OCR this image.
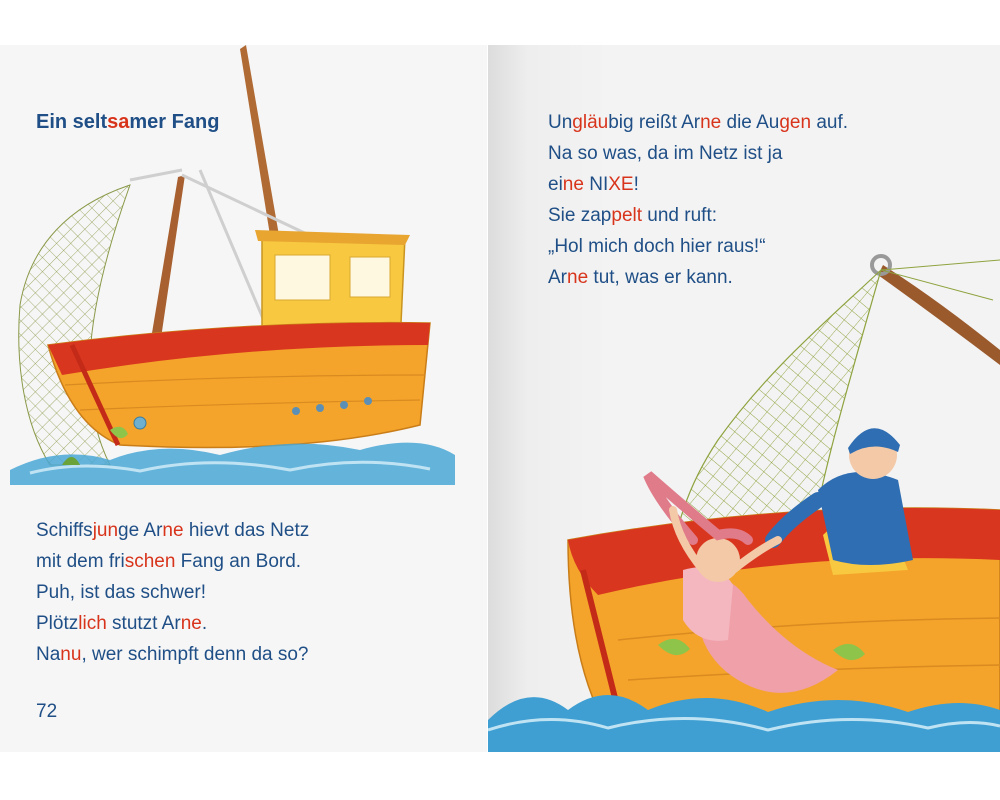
Ein seltsamer Fang
Schiffsjunge Arne hievt das Netz
mit dem frischen Fang an Bord.
Puh, ist das schwer!
Plötzlich stutzt Arne.
Nanu, wer schimpft denn da so?
72
Ungläubig reißt Arne die Augen auf.
Na so was, da im Netz ist ja
eine NIXE!
Sie zappelt und ruft:
„Hol mich doch hier raus!“
Arne tut, was er kann.
